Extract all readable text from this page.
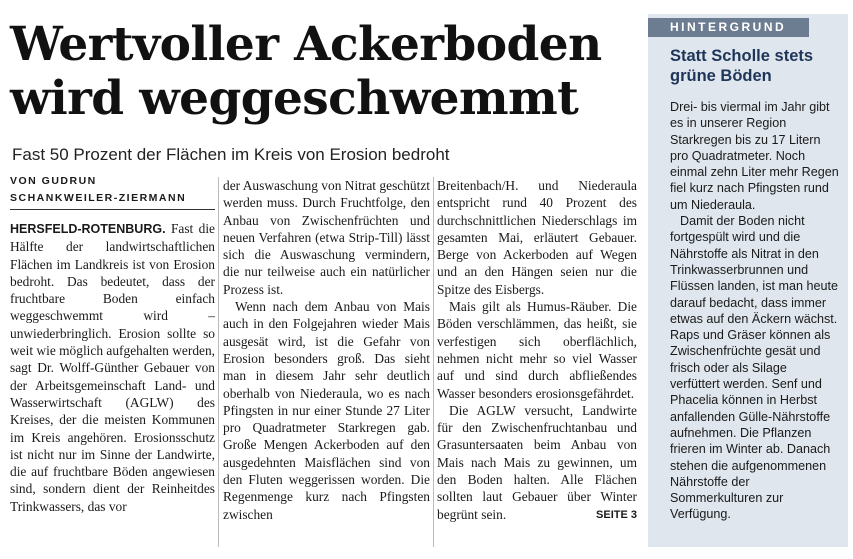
Wertvoller Ackerboden
wird weggeschwemmt
Fast 50 Prozent der Flächen im Kreis von Erosion bedroht
VON GUDRUN
SCHANKWEILER-ZIERMANN

HERSFELD-ROTENBURG. Fast die Hälfte der landwirtschaftlichen Flächen im Landkreis ist von Erosion bedroht. Das bedeutet, dass der fruchtbare Boden einfach weggeschwemmt wird – unwiederbringlich. Erosion sollte so weit wie möglich aufgehalten werden, sagt Dr. Wolff-Günther Gebauer von der Arbeitsgemeinschaft Land- und Wasserwirtschaft (AGLW) des Kreises, der die meisten Kommunen im Kreis angehören. Erosionsschutz ist nicht nur im Sinne der Landwirte, die auf fruchtbare Böden angewiesen sind, sondern dient der Reinheitdes Trinkwassers, das vor

der Auswaschung von Nitrat geschützt werden muss. Durch Fruchtfolge, den Anbau von Zwischenfrüchten und neuen Verfahren (etwa Strip-Till) lässt sich die Auswaschung vermindern, die nur teilweise auch ein natürlicher Prozess ist.

Wenn nach dem Anbau von Mais auch in den Folgejahren wieder Mais ausgesät wird, ist die Gefahr von Erosion besonders groß. Das sieht man in diesem Jahr sehr deutlich oberhalb von Niederaula, wo es nach Pfingsten in nur einer Stunde 27 Liter pro Quadratmeter Starkregen gab. Große Mengen Ackerboden auf den ausgedehnten Maisflächen sind von den Fluten weggerissen worden. Die Regenmenge kurz nach Pfingsten zwischen

Breitenbach/H. und Niederaula entspricht rund 40 Prozent des durchschnittlichen Niederschlags im gesamten Mai, erläutert Gebauer. Berge von Ackerboden auf Wegen und an den Hängen seien nur die Spitze des Eisbergs.

Mais gilt als Humus-Räuber. Die Böden verschlämmen, das heißt, sie verfestigen sich oberflächlich, nehmen nicht mehr so viel Wasser auf und sind durch abfließendes Wasser besonders erosionsgefährdet.

Die AGLW versucht, Landwirte für den Zwischenfruchtanbau und Grasuntersaaten beim Anbau von Mais nach Mais zu gewinnen, um den Boden halten. Alle Flächen sollten laut Gebauer über Winter begrünt sein.	SEITE 3

HINTERGRUND
Statt Scholle stets grüne Böden

Drei- bis viermal im Jahr gibt es in unserer Region Starkregen bis zu 17 Litern pro Quadratmeter. Noch einmal zehn Liter mehr Regen fiel kurz nach Pfingsten rund um Niederaula.

Damit der Boden nicht fortgespült wird und die Nährstoffe als Nitrat in den Trinkwasserbrunnen und Flüssen landen, ist man heute darauf bedacht, dass immer etwas auf den Äckern wächst. Raps und Gräser können als Zwischenfrüchte gesät und frisch oder als Silage verfüttert werden. Senf und Phacelia können in Herbst anfallenden Gülle-Nährstoffe aufnehmen. Die Pflanzen frieren im Winter ab. Danach stehen die aufgenommenen Nährstoffe der Sommerkulturen zur Verfügung.
